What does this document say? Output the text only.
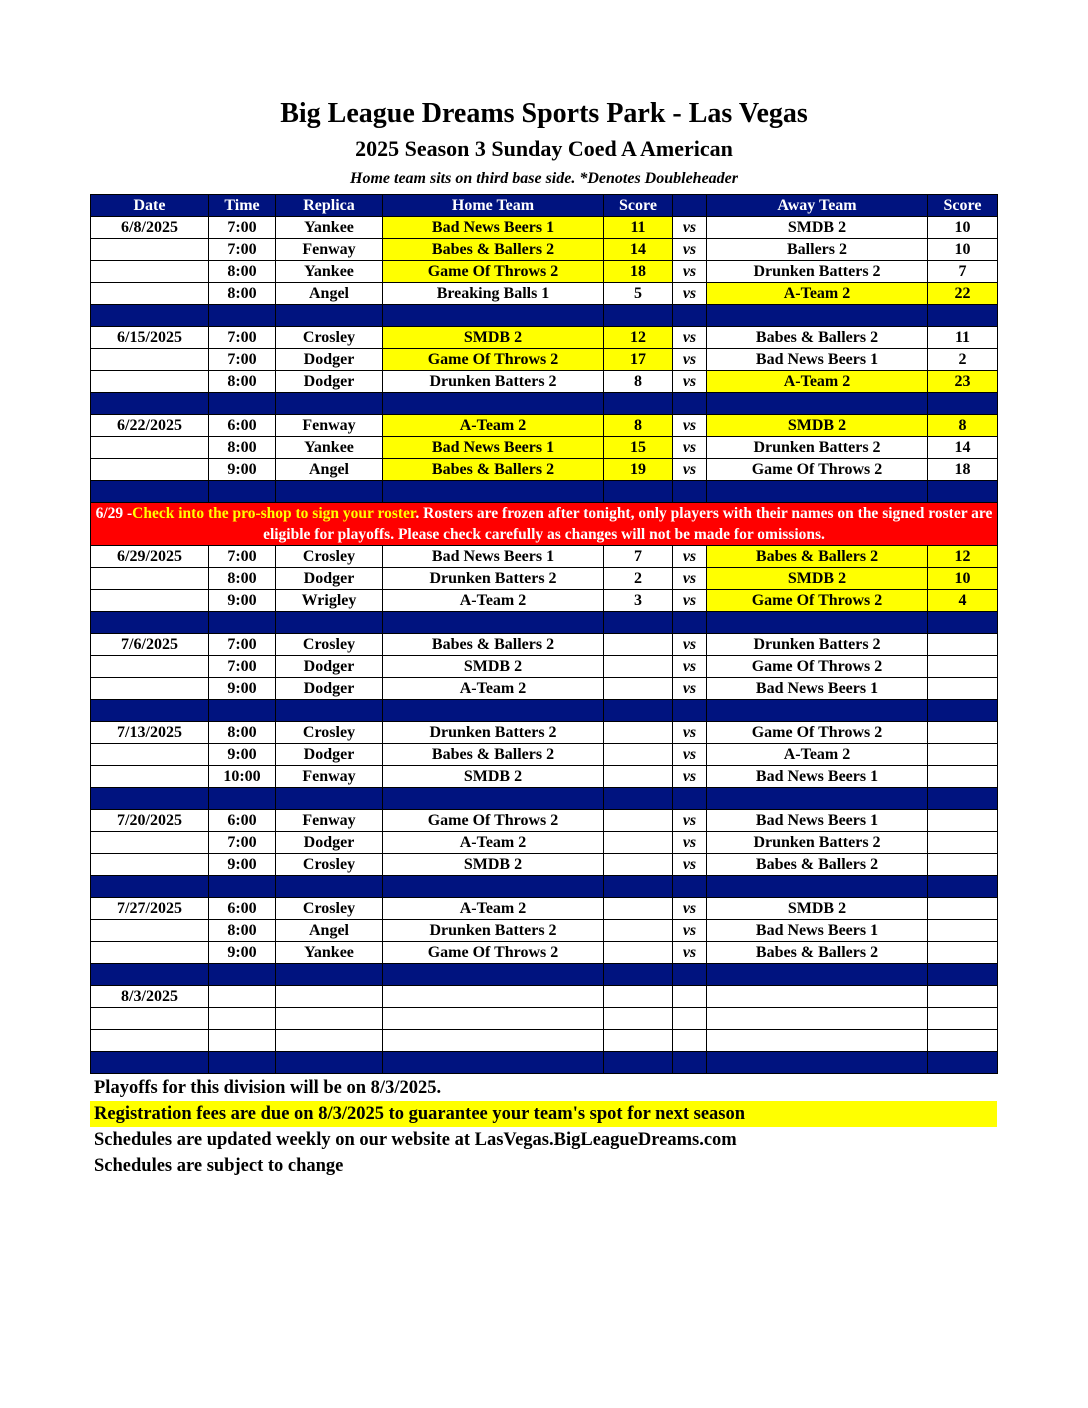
Big League Dreams Sports Park - Las Vegas
2025 Season 3 Sunday Coed A American
Home team sits on third base side. *Denotes Doubleheader
Date	Time	Replica	Home Team	Score		Away Team	Score
6/8/2025	7:00	Yankee	Bad News Beers 1	11	vs	SMDB 2	10
	7:00	Fenway	Babes & Ballers 2	14	vs	Ballers 2	10
	8:00	Yankee	Game Of Throws 2	18	vs	Drunken Batters 2	7
	8:00	Angel	Breaking Balls 1	5	vs	A-Team 2	22

6/15/2025	7:00	Crosley	SMDB 2	12	vs	Babes & Ballers 2	11
	7:00	Dodger	Game Of Throws 2	17	vs	Bad News Beers 1	2
	8:00	Dodger	Drunken Batters 2	8	vs	A-Team 2	23

6/22/2025	6:00	Fenway	A-Team 2	8	vs	SMDB 2	8
	8:00	Yankee	Bad News Beers 1	15	vs	Drunken Batters 2	14
	9:00	Angel	Babes & Ballers 2	19	vs	Game Of Throws 2	18

6/29 -Check into the pro-shop to sign your roster. Rosters are frozen after tonight, only players with their names on the signed roster are eligible for playoffs. Please check carefully as changes will not be made for omissions.							
6/29/2025	7:00	Crosley	Bad News Beers 1	7	vs	Babes & Ballers 2	12
	8:00	Dodger	Drunken Batters 2	2	vs	SMDB 2	10
	9:00	Wrigley	A-Team 2	3	vs	Game Of Throws 2	4

7/6/2025	7:00	Crosley	Babes & Ballers 2		vs	Drunken Batters 2	
	7:00	Dodger	SMDB 2		vs	Game Of Throws 2	
	9:00	Dodger	A-Team 2		vs	Bad News Beers 1	

7/13/2025	8:00	Crosley	Drunken Batters 2		vs	Game Of Throws 2	
	9:00	Dodger	Babes & Ballers 2		vs	A-Team 2	
	10:00	Fenway	SMDB 2		vs	Bad News Beers 1	

7/20/2025	6:00	Fenway	Game Of Throws 2		vs	Bad News Beers 1	
	7:00	Dodger	A-Team 2		vs	Drunken Batters 2	
	9:00	Crosley	SMDB 2		vs	Babes & Ballers 2	

7/27/2025	6:00	Crosley	A-Team 2		vs	SMDB 2	
	8:00	Angel	Drunken Batters 2		vs	Bad News Beers 1	
	9:00	Yankee	Game Of Throws 2		vs	Babes & Ballers 2	

8/3/2025							

Playoffs for this division will be on 8/3/2025.
Registration fees are due on 8/3/2025 to guarantee your team's spot for next season
Schedules are updated weekly on our website at LasVegas.BigLeagueDreams.com
Schedules are subject to change
